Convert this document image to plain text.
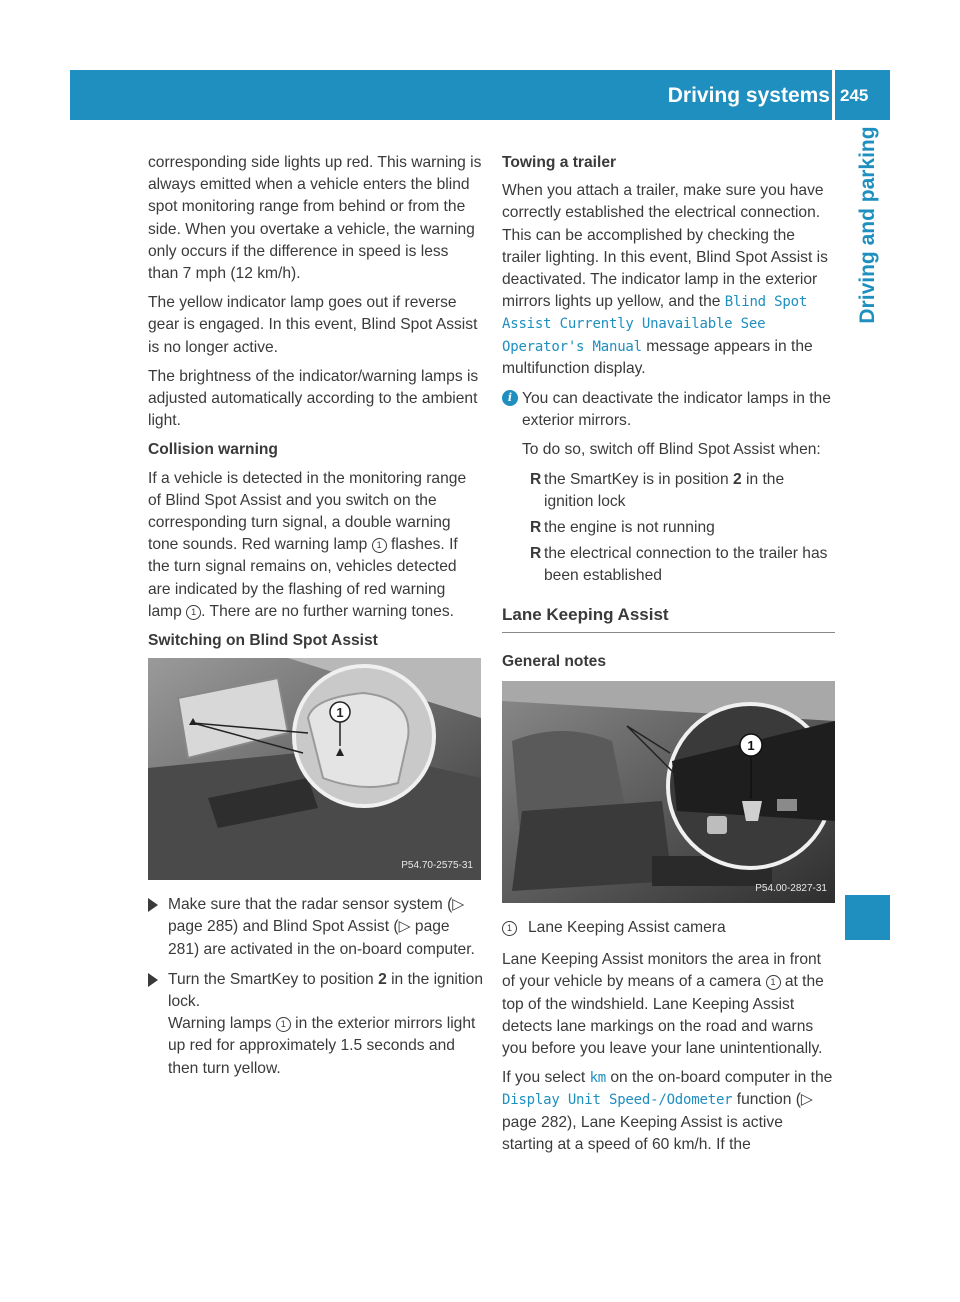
Driving systems 245
Driving and parking

corresponding side lights up red. This warning is always emitted when a vehicle enters the blind spot monitoring range from behind or from the side. When you overtake a vehicle, the warning only occurs if the difference in speed is less than 7 mph (12 km/h).

The yellow indicator lamp goes out if reverse gear is engaged. In this event, Blind Spot Assist is no longer active.

The brightness of the indicator/warning lamps is adjusted automatically according to the ambient light.

Collision warning

If a vehicle is detected in the monitoring range of Blind Spot Assist and you switch on the corresponding turn signal, a double warning tone sounds. Red warning lamp 1 flashes. If the turn signal remains on, vehicles detected are indicated by the flashing of red warning lamp 1 . There are no further warning tones.

Switching on Blind Spot Assist
1
P54.70-2575-31
Make sure that the radar sensor system (▷ page 285) and Blind Spot Assist (▷ page 281) are activated in the on-board computer.
Turn the SmartKey to position 2 in the ignition lock.
Warning lamps 1 in the exterior mirrors light up red for approximately 1.5 seconds and then turn yellow.
Towing a trailer

When you attach a trailer, make sure you have correctly established the electrical connection. This can be accomplished by checking the trailer lighting. In this event, Blind Spot Assist is deactivated. The indicator lamp in the exterior mirrors lights up yellow, and the Blind Spot Assist Currently Unavailable See Operator's Manual message appears in the multifunction display.

i You can deactivate the indicator lamps in the exterior mirrors.

To do so, switch off Blind Spot Assist when:

R the SmartKey is in position 2 in the ignition lock
R the engine is not running
R the electrical connection to the trailer has been established
Lane Keeping Assist
General notes
1
P54.00-2827-31
1	Lane Keeping Assist camera

Lane Keeping Assist monitors the area in front of your vehicle by means of a camera 1 at the top of the windshield. Lane Keeping Assist detects lane markings on the road and warns you before you leave your lane unintentionally.

If you select km on the on-board computer in the Display Unit Speed-/Odometer function (▷ page 282), Lane Keeping Assist is active starting at a speed of 60 km/h. If the
